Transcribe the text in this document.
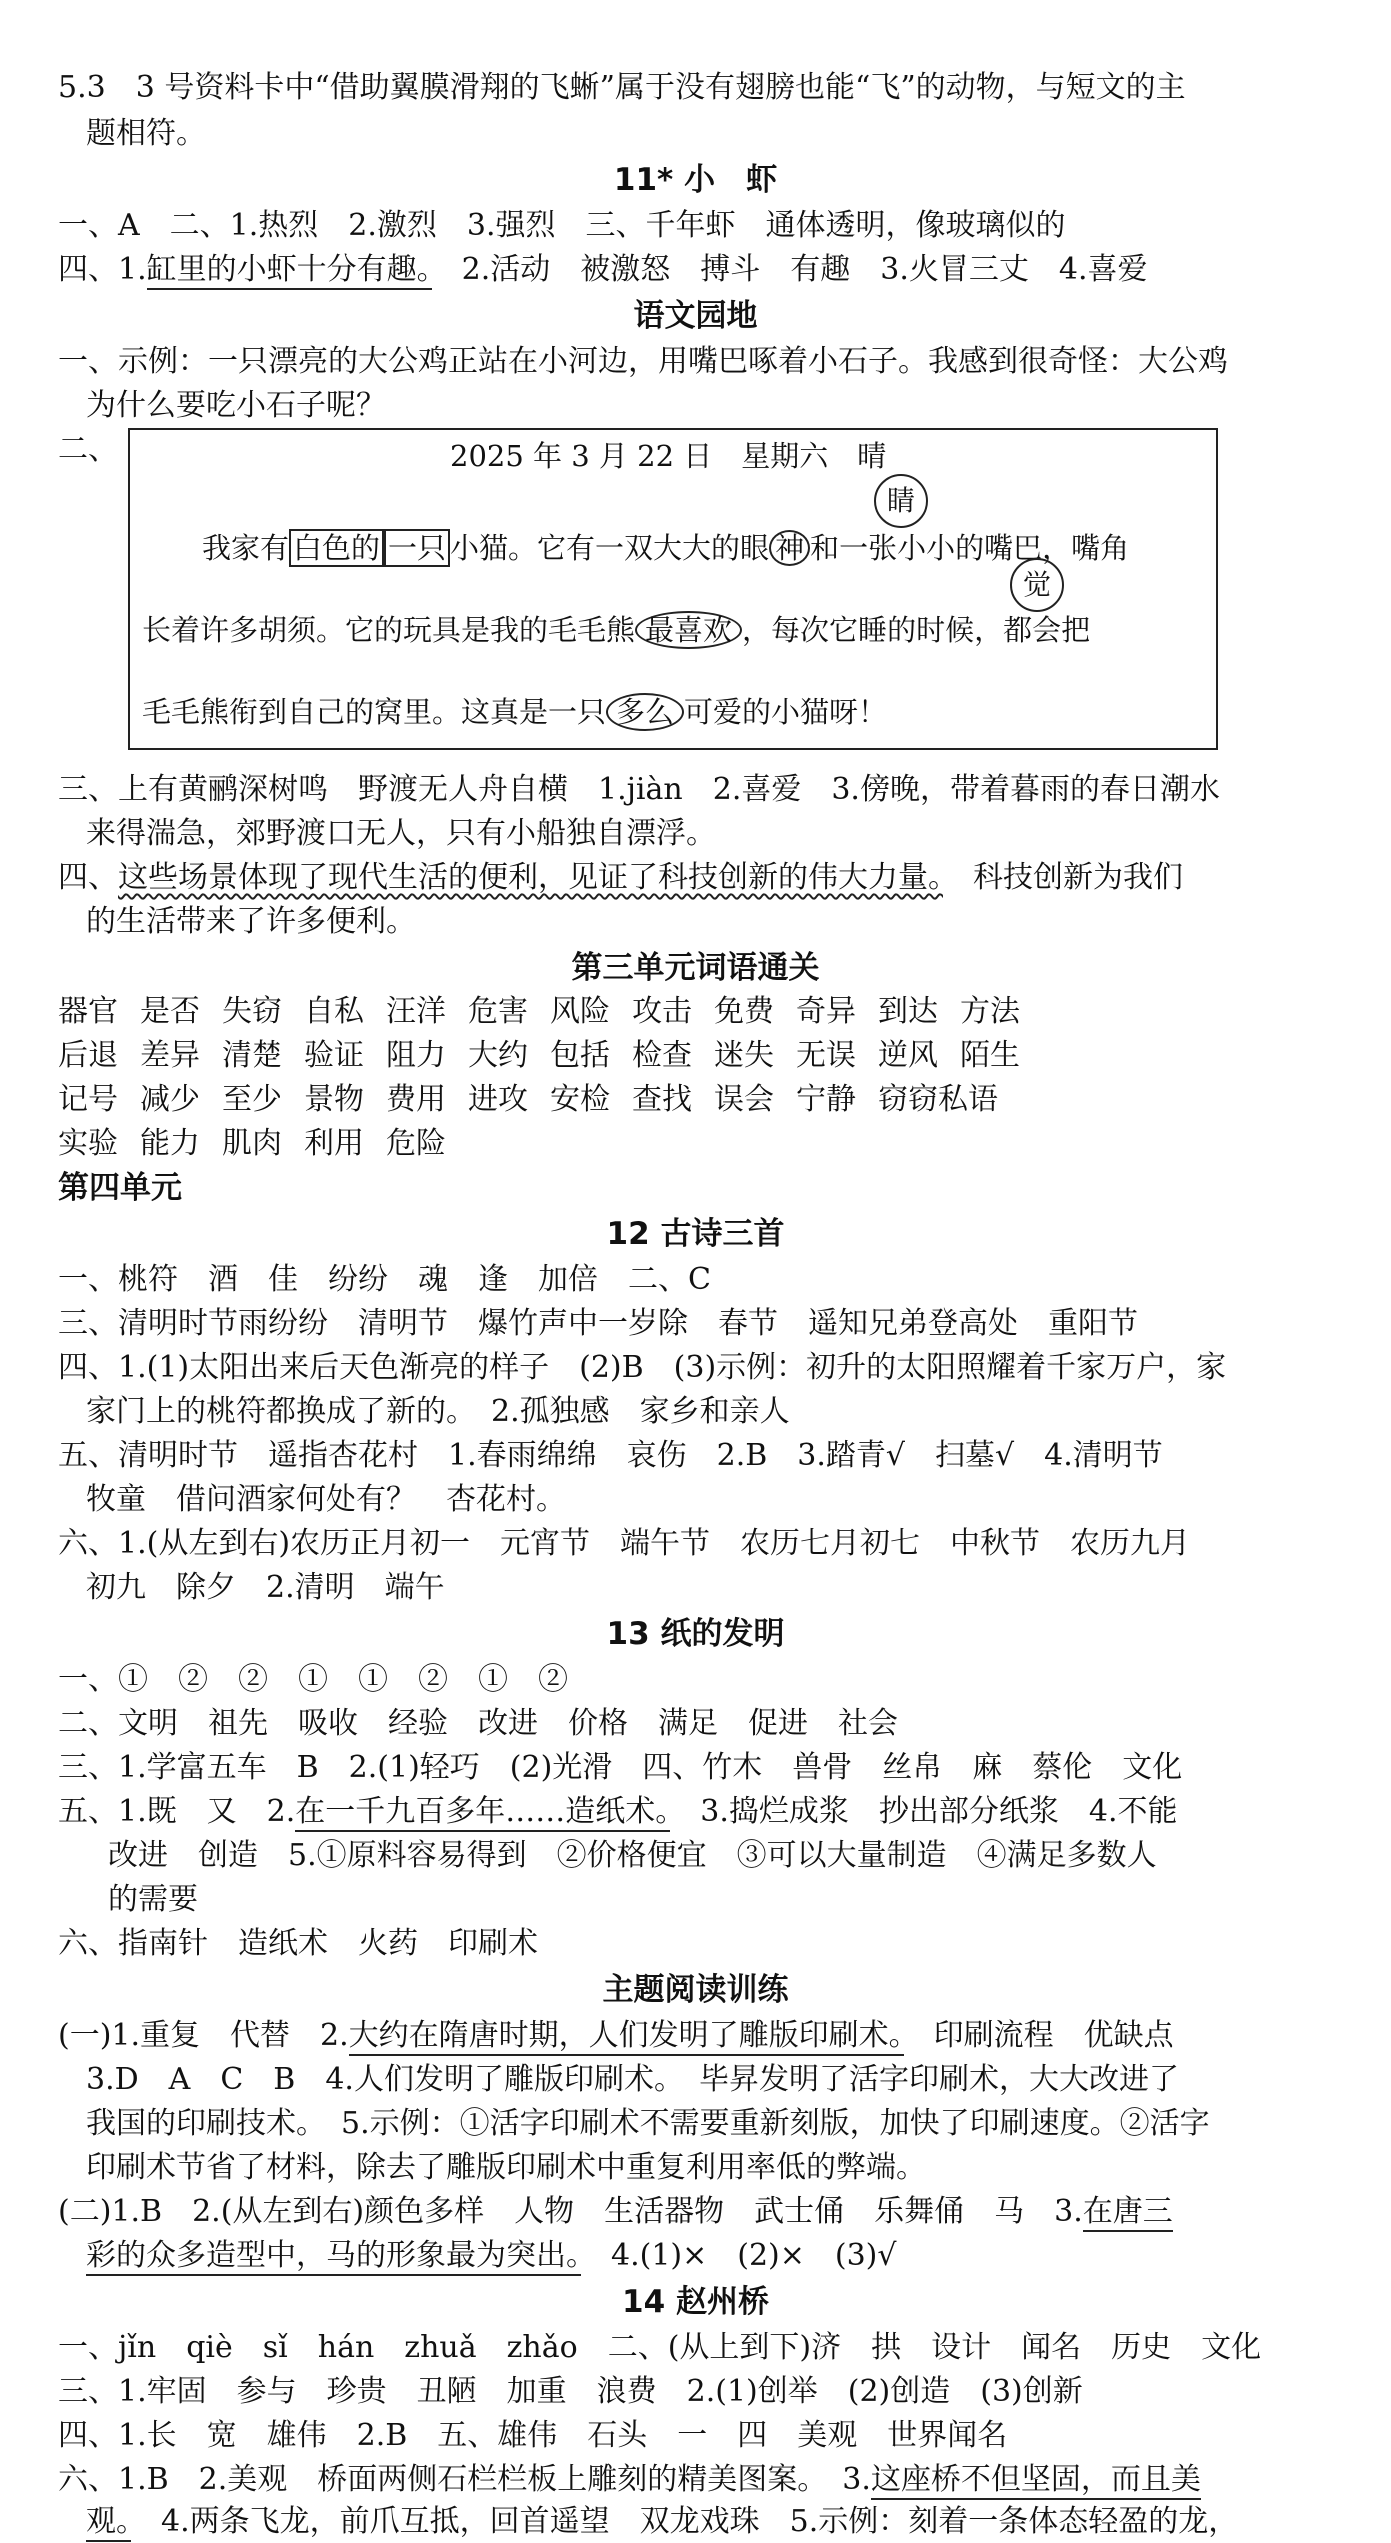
5.3　3 号资料卡中“借助翼膜滑翔的飞蜥”属于没有翅膀也能“飞”的动物，与短文的主
题相符。
11* 小　虾
一、A　二、1.热烈　2.激烈　3.强烈　三、千年虾　通体透明，像玻璃似的
四、1.缸里的小虾十分有趣。　2.活动　被激怒　搏斗　有趣　3.火冒三丈　4.喜爱
语文园地
一、示例：一只漂亮的大公鸡正站在小河边，用嘴巴啄着小石子。我感到很奇怪：大公鸡
为什么要吃小石子呢？
二、	2025 年 3 月 22 日　星期六　晴
睛
我家有 白色的 一只 小猫。它有一双大大的眼 神 和一张小小的嘴巴，嘴角
觉
长着许多胡须。它的玩具是我的毛毛熊 最喜欢 ，每次它睡的时候，都会把
毛毛熊衔到自己的窝里。这真是一只 多么 可爱的小猫呀！
三、上有黄鹂深树鸣　野渡无人舟自横　1.jiàn　2.喜爱　3.傍晚，带着暮雨的春日潮水
来得湍急，郊野渡口无人，只有小船独自漂浮。
四、这些场景体现了现代生活的便利，见证了科技创新的伟大力量。　科技创新为我们
的生活带来了许多便利。
第三单元词语通关
器官 是否 失窃 自私 汪洋 危害 风险 攻击 免费 奇异 到达 方法
后退 差异 清楚 验证 阻力 大约 包括 检查 迷失 无误 逆风 陌生
记号 减少 至少 景物 费用 进攻 安检 查找 误会 宁静 窃窃私语
实验 能力 肌肉 利用 危险
第四单元
12 古诗三首
一、桃符　酒　佳　纷纷　魂　逢　加倍　二、C
三、清明时节雨纷纷　清明节　爆竹声中一岁除　春节　遥知兄弟登高处　重阳节
四、1.(1)太阳出来后天色渐亮的样子　(2)B　(3)示例：初升的太阳照耀着千家万户，家
家门上的桃符都换成了新的。　2.孤独感　家乡和亲人
五、清明时节　遥指杏花村　1.春雨绵绵　哀伤　2.B　3.踏青√　扫墓√　4.清明节
牧童　借问酒家何处有？　杏花村。
六、1.(从左到右)农历正月初一　元宵节　端午节　农历七月初七　中秋节　农历九月
初九　除夕　2.清明　端午
13 纸的发明
一、①　②　②　①　①　②　①　②
二、文明　祖先　吸收　经验　改进　价格　满足　促进　社会
三、1.学富五车　B　2.(1)轻巧　(2)光滑　四、竹木　兽骨　丝帛　麻　蔡伦　文化
五、1.既　又　2.在一千九百多年……造纸术。　3.捣烂成浆　抄出部分纸浆　4.不能
改进　创造　5.①原料容易得到　②价格便宜　③可以大量制造　④满足多数人
的需要
六、指南针　造纸术　火药　印刷术
主题阅读训练
(一)1.重复　代替　2.大约在隋唐时期，人们发明了雕版印刷术。　印刷流程　优缺点
3.D　A　C　B　4.人们发明了雕版印刷术。　毕昇发明了活字印刷术，大大改进了
我国的印刷技术。　5.示例：①活字印刷术不需要重新刻版，加快了印刷速度。②活字
印刷术节省了材料，除去了雕版印刷术中重复利用率低的弊端。
(二)1.B　2.(从左到右)颜色多样　人物　生活器物　武士俑　乐舞俑　马　3.在唐三
彩的众多造型中，马的形象最为突出。　4.(1)×　(2)×　(3)√
14 赵州桥
一、jǐn　qiè　sǐ　hán　zhuǎ　zhǎo　二、(从上到下)济　拱　设计　闻名　历史　文化
三、1.牢固　参与　珍贵　丑陋　加重　浪费　2.(1)创举　(2)创造　(3)创新
四、1.长　宽　雄伟　2.B　五、雄伟　石头　一　四　美观　世界闻名
六、1.B　2.美观　桥面两侧石栏栏板上雕刻的精美图案。　3.这座桥不但坚固，而且美
观。　4.两条飞龙，前爪互抵，回首遥望　双龙戏珠　5.示例：刻着一条体态轻盈的龙，
